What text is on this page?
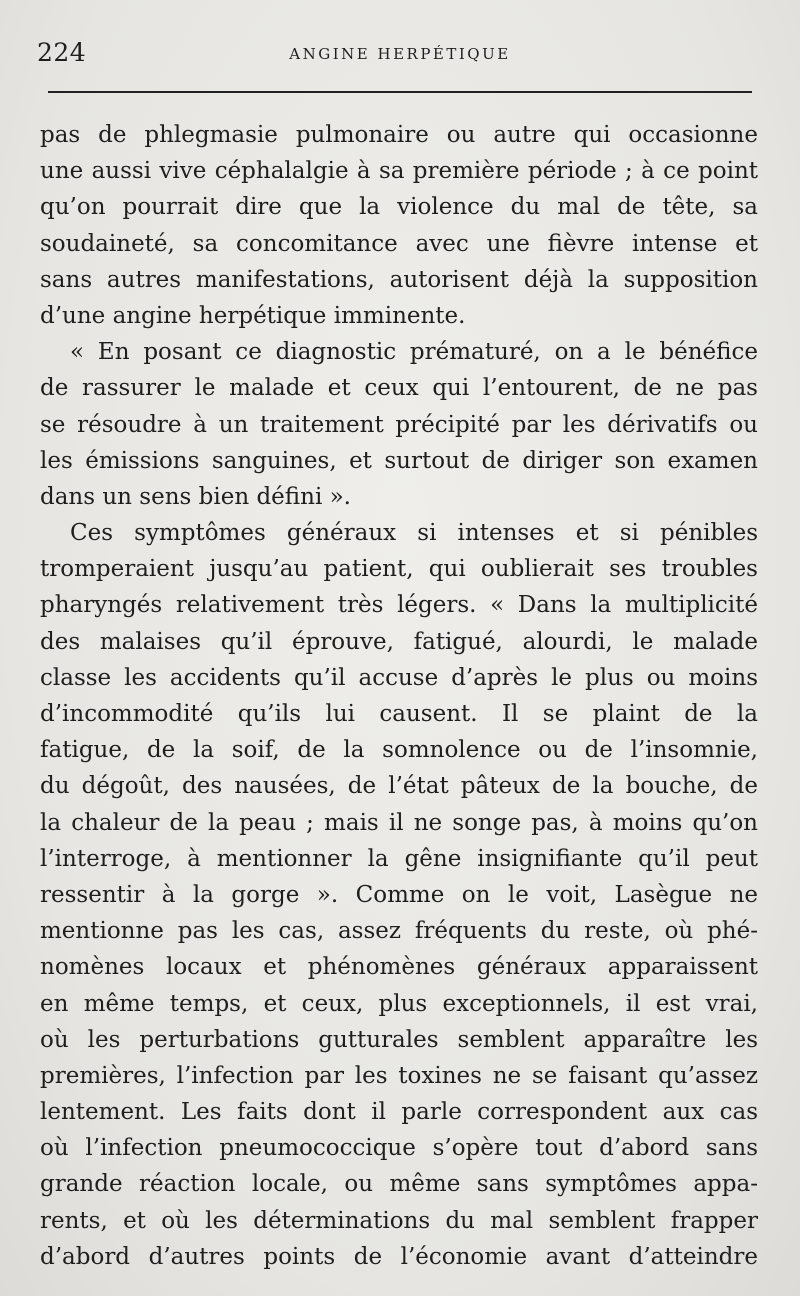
224	ANGINE HERPÉTIQUE
pas de phlegmasie pulmonaire ou autre qui occasionne
une aussi vive céphalalgie à sa première période ; à ce point
qu’on pourrait dire que la violence du mal de tête, sa
soudaineté, sa concomitance avec une fièvre intense et
sans autres manifestations, autorisent déjà la supposition
d’une angine herpétique imminente.
« En posant ce diagnostic prématuré, on a le bénéfice
de rassurer le malade et ceux qui l’entourent, de ne pas
se résoudre à un traitement précipité par les dérivatifs ou
les émissions sanguines, et surtout de diriger son examen
dans un sens bien défini ».
Ces symptômes généraux si intenses et si pénibles
tromperaient jusqu’au patient, qui oublierait ses troubles
pharyngés relativement très légers. « Dans la multiplicité
des malaises qu’il éprouve, fatigué, alourdi, le malade
classe les accidents qu’il accuse d’après le plus ou moins
d’incommodité qu’ils lui causent. Il se plaint de la
fatigue, de la soif, de la somnolence ou de l’insomnie,
du dégoût, des nausées, de l’état pâteux de la bouche, de
la chaleur de la peau ; mais il ne songe pas, à moins qu’on
l’interroge, à mentionner la gêne insignifiante qu’il peut
ressentir à la gorge ». Comme on le voit, Lasègue ne
mentionne pas les cas, assez fréquents du reste, où phé-
nomènes locaux et phénomènes généraux apparaissent
en même temps, et ceux, plus exceptionnels, il est vrai,
où les perturbations gutturales semblent apparaître les
premières, l’infection par les toxines ne se faisant qu’assez
lentement. Les faits dont il parle correspondent aux cas
où l’infection pneumococcique s’opère tout d’abord sans
grande réaction locale, ou même sans symptômes appa-
rents, et où les déterminations du mal semblent frapper
d’abord d’autres points de l’économie avant d’atteindre
